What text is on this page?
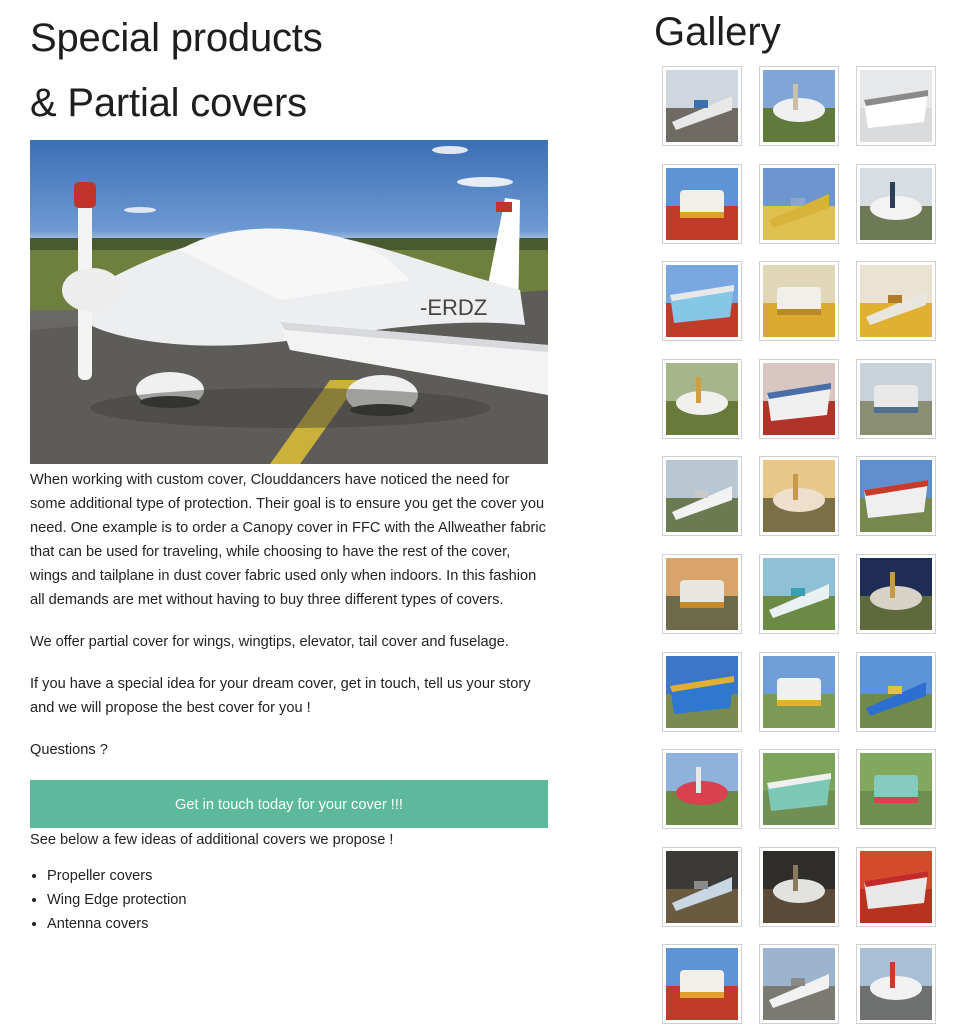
Special products
& Partial covers
-ERDZ

When working with custom cover, Clouddancers have noticed the need for some additional type of protection. Their goal is to ensure you get the cover you need. One example is to order a Canopy cover in FFC with the Allweather fabric that can be used for traveling, while choosing to have the rest of the cover, wings and tailplane in dust cover fabric used only when indoors. In this fashion all demands are met without having to buy three different types of covers.

We offer partial cover for wings, wingtips, elevator, tail cover and fuselage.

If you have a special idea for your dream cover, get in touch, tell us your story and we will propose the best cover for you !

Questions ?

Get in touch today for your cover !!!

See below a few ideas of additional covers we propose !

• Propeller covers
• Wing Edge protection
• Antenna covers
Gallery
